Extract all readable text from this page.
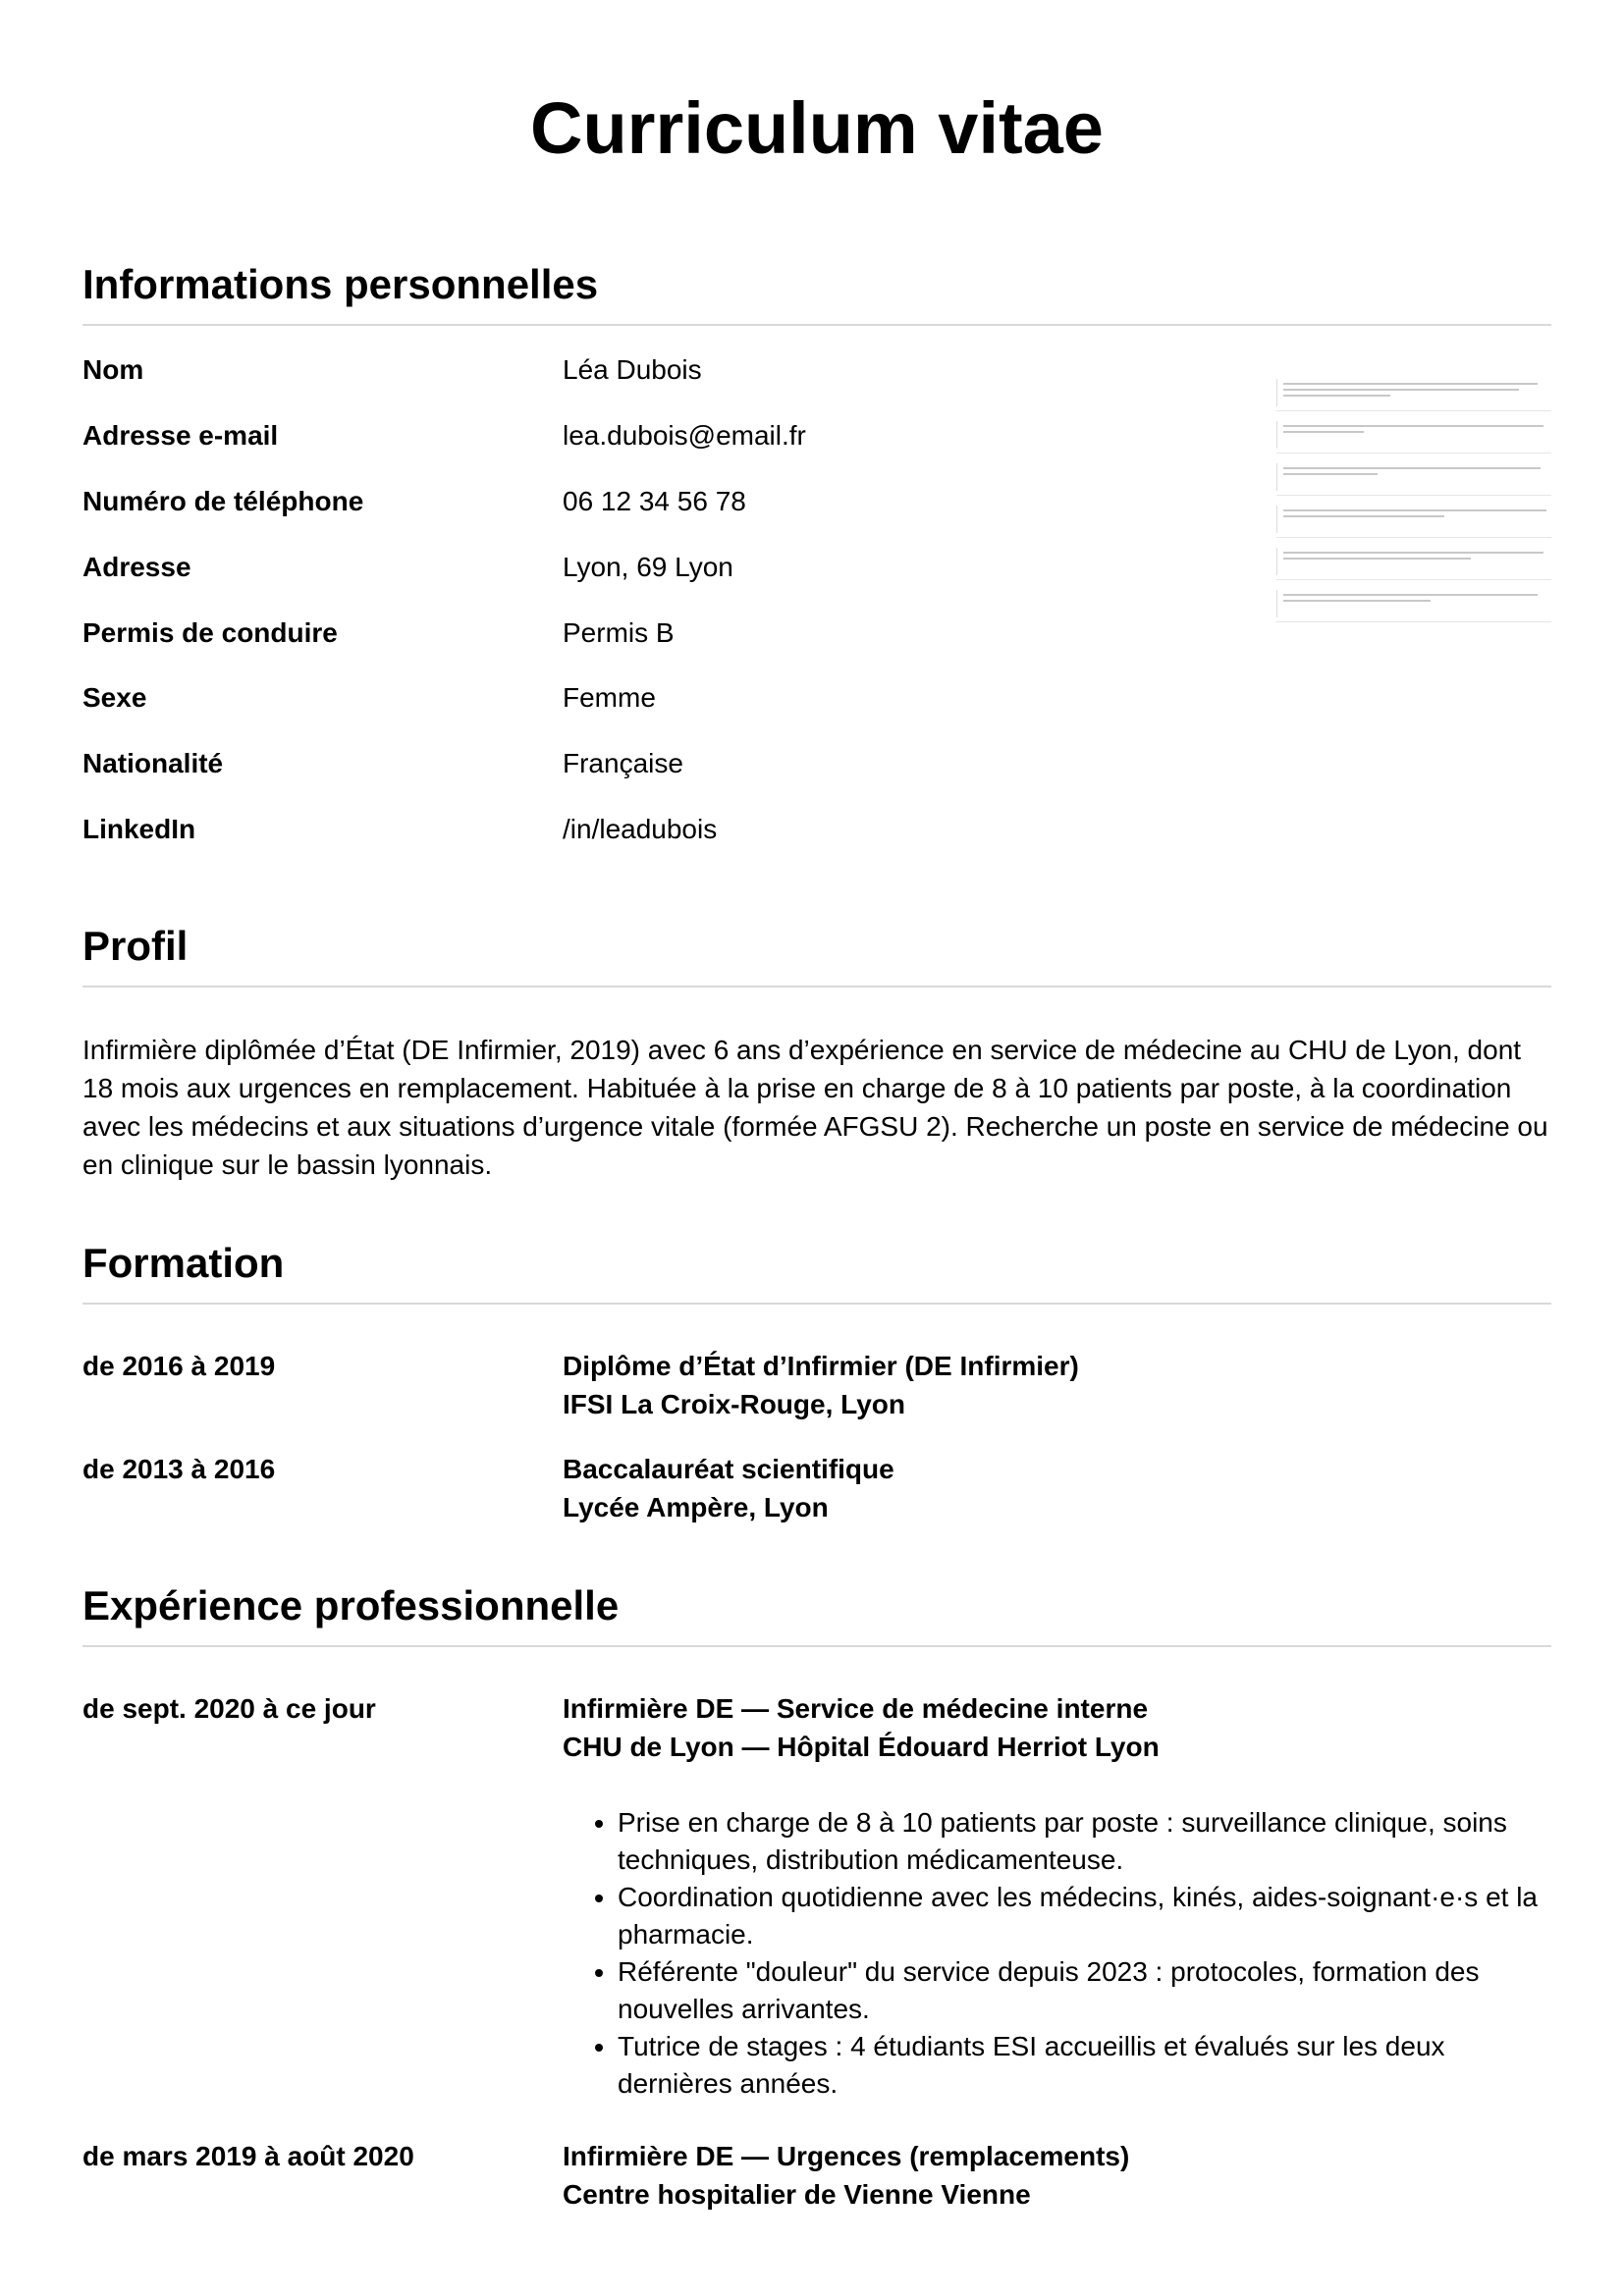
Curriculum vitae
Informations personnelles
Nom	Léa Dubois
Adresse e-mail	lea.dubois@email.fr
Numéro de téléphone	06 12 34 56 78
Adresse	Lyon, 69 Lyon
Permis de conduire	Permis B
Sexe	Femme
Nationalité	Française
LinkedIn	/in/leadubois
Profil

Infirmière diplômée d’État (DE Infirmier, 2019) avec 6 ans d’expérience en service de médecine au CHU de Lyon, dont 18 mois aux urgences en remplacement. Habituée à la prise en charge de 8 à 10 patients par poste, à la coordination avec les médecins et aux situations d’urgence vitale (formée AFGSU 2). Recherche un poste en service de médecine ou en clinique sur le bassin lyonnais.

Formation
de 2016 à 2019	Diplôme d’État d’Infirmier (DE Infirmier)
IFSI La Croix-Rouge, Lyon
de 2013 à 2016	Baccalauréat scientifique
Lycée Ampère, Lyon
Expérience professionnelle
de sept. 2020 à ce jour	Infirmière DE — Service de médecine interne
CHU de Lyon — Hôpital Édouard Herriot Lyon
• Prise en charge de 8 à 10 patients par poste : surveillance clinique, soins techniques, distribution médicamenteuse.
• Coordination quotidienne avec les médecins, kinés, aides-soignant·e·s et la pharmacie.
• Référente "douleur" du service depuis 2023 : protocoles, formation des nouvelles arrivantes.
• Tutrice de stages : 4 étudiants ESI accueillis et évalués sur les deux dernières années.
de mars 2019 à août 2020	Infirmière DE — Urgences (remplacements)
Centre hospitalier de Vienne Vienne
